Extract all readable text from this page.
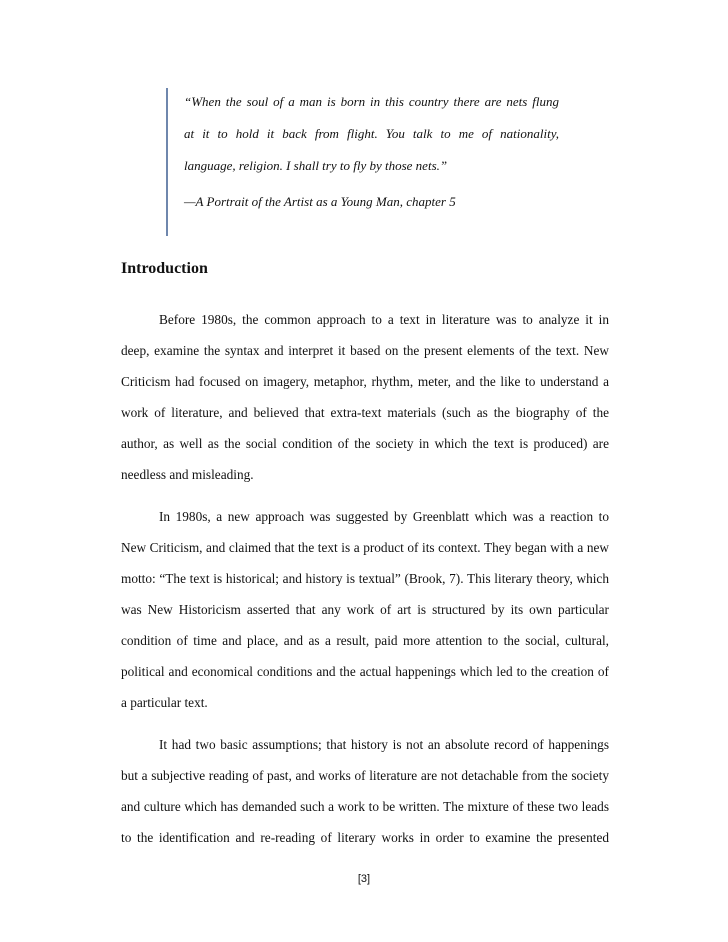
“When the soul of a man is born in this country there are nets flung
at it to hold it back from flight. You talk to me of nationality,
language, religion. I shall try to fly by those nets.”
—A Portrait of the Artist as a Young Man, chapter 5
Introduction
Before 1980s, the common approach to a text in literature was to analyze it in
deep, examine the syntax and interpret it based on the present elements of the text. New
Criticism had focused on imagery, metaphor, rhythm, meter, and the like to understand a
work of literature, and believed that extra-text materials (such as the biography of the
author, as well as the social condition of the society in which the text is produced) are
needless and misleading.
In 1980s, a new approach was suggested by Greenblatt which was a reaction to
New Criticism, and claimed that the text is a product of its context. They began with a new
motto: “The text is historical; and history is textual” (Brook, 7). This literary theory, which
was New Historicism asserted that any work of art is structured by its own particular
condition of time and place, and as a result, paid more attention to the social, cultural,
political and economical conditions and the actual happenings which led to the creation of
a particular text.
It had two basic assumptions; that history is not an absolute record of happenings
but a subjective reading of past, and works of literature are not detachable from the society
and culture which has demanded such a work to be written. The mixture of these two leads
to the identification and re-reading of literary works in order to examine the presented
[3]
